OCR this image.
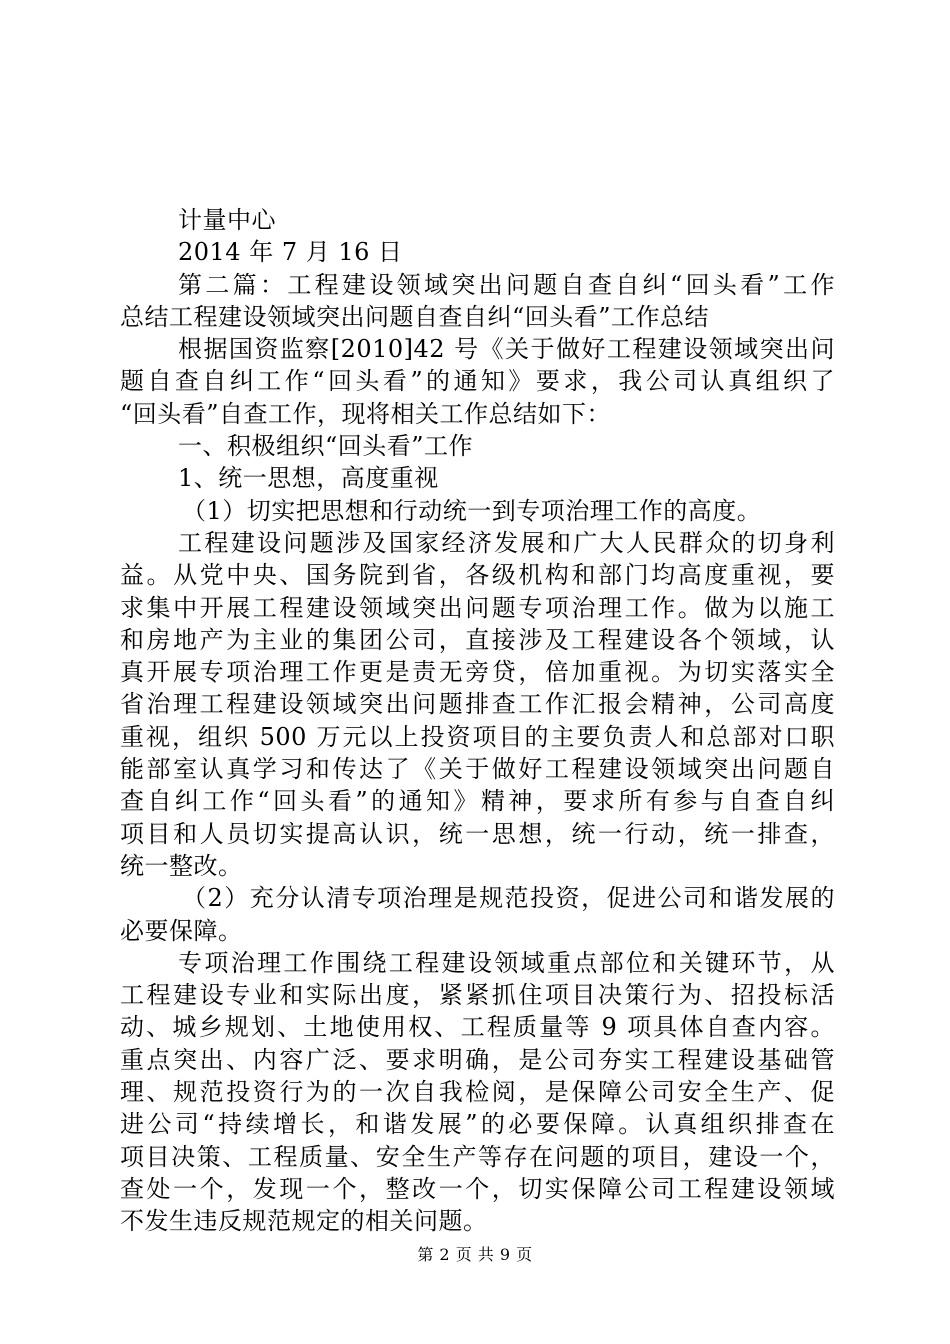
计量中心
2014 年 7 月 16 日
第二篇：工程建设领域突出问题自查自纠“回头看”工作
总结工程建设领域突出问题自查自纠“回头看”工作总结
根据国资监察[2010]42 号《关于做好工程建设领域突出问
题自查自纠工作“回头看”的通知》要求，我公司认真组织了
“回头看”自查工作，现将相关工作总结如下：
一、积极组织“回头看”工作
1、统一思想，高度重视
（1）切实把思想和行动统一到专项治理工作的高度。
工程建设问题涉及国家经济发展和广大人民群众的切身利
益。从党中央、国务院到省，各级机构和部门均高度重视，要
求集中开展工程建设领域突出问题专项治理工作。做为以施工
和房地产为主业的集团公司，直接涉及工程建设各个领域，认
真开展专项治理工作更是责无旁贷，倍加重视。为切实落实全
省治理工程建设领域突出问题排查工作汇报会精神，公司高度
重视，组织 500 万元以上投资项目的主要负责人和总部对口职
能部室认真学习和传达了《关于做好工程建设领域突出问题自
查自纠工作“回头看”的通知》精神，要求所有参与自查自纠
项目和人员切实提高认识，统一思想，统一行动，统一排查，
统一整改。
（2）充分认清专项治理是规范投资，促进公司和谐发展的
必要保障。
专项治理工作围绕工程建设领域重点部位和关键环节，从
工程建设专业和实际出度，紧紧抓住项目决策行为、招投标活
动、城乡规划、土地使用权、工程质量等 9 项具体自查内容。
重点突出、内容广泛、要求明确，是公司夯实工程建设基础管
理、规范投资行为的一次自我检阅，是保障公司安全生产、促
进公司“持续增长，和谐发展”的必要保障。认真组织排查在
项目决策、工程质量、安全生产等存在问题的项目，建设一个，
查处一个，发现一个，整改一个，切实保障公司工程建设领域
不发生违反规范规定的相关问题。
第 2 页 共 9 页
